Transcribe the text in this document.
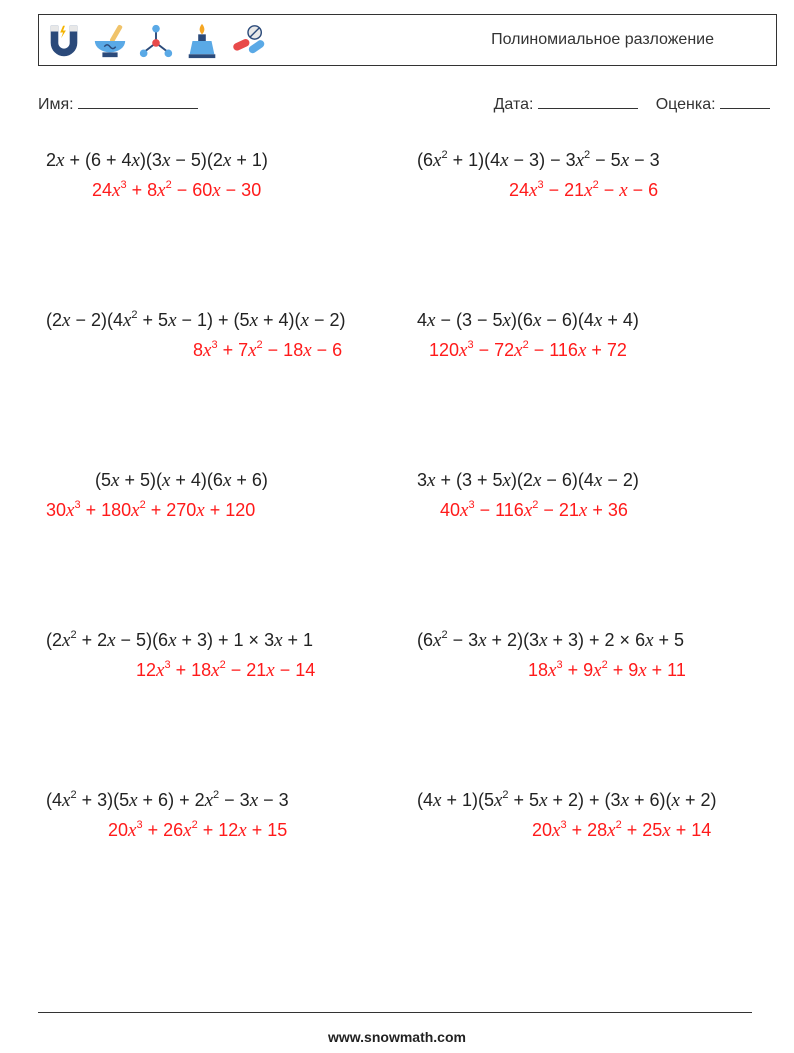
Полиномиальное разложение
Имя:	Дата:	Оценка:
2x + (6 + 4x)(3x − 5)(2x + 1)
$24x^3 + 8x^2 - 60x - 30$
$(6x^2 + 1)(4x - 3) - 3x^2 - 5x - 3$
$24x^3 - 21x^2 - x - 6$
$(2x - 2)(4x^2 + 5x - 1) + (5x + 4)(x - 2)$
$8x^3 + 7x^2 - 18x - 6$
4x − (3 − 5x)(6x − 6)(4x + 4)
$120x^3 - 72x^2 - 116x + 72$
(5x + 5)(x + 4)(6x + 6)
$30x^3 + 180x^2 + 270x + 120$
3x + (3 + 5x)(2x − 6)(4x − 2)
$40x^3 - 116x^2 - 21x + 36$
$(2x^2 + 2x - 5)(6x + 3) + 1 \times 3x + 1$
$12x^3 + 18x^2 - 21x - 14$
$(6x^2 - 3x + 2)(3x + 3) + 2 \times 6x + 5$
$18x^3 + 9x^2 + 9x + 11$
$(4x^2 + 3)(5x + 6) + 2x^2 - 3x - 3$
$20x^3 + 26x^2 + 12x + 15$
$(4x + 1)(5x^2 + 5x + 2) + (3x + 6)(x + 2)$
$20x^3 + 28x^2 + 25x + 14$
www.snowmath.com
